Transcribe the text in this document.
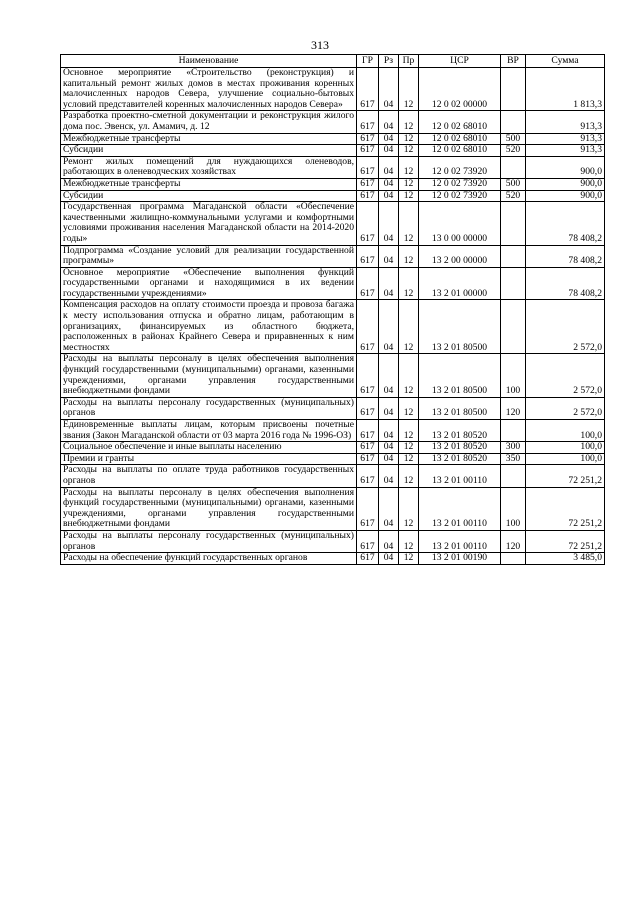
313
Наименование	ГР	Рз	Пр	ЦСР	ВР	Сумма
Основное мероприятие «Строительство (реконструкция) и капитальный ремонт жилых домов в местах проживания коренных малочисленных народов Севера, улучшение социально-бытовых условий представителей коренных малочисленных народов Севера»	617	04	12	12 0 02 00000		1 813,3
Разработка проектно-сметной документации и реконструкция жилого дома пос. Эвенск, ул. Амамич, д. 12	617	04	12	12 0 02 68010		913,3
Межбюджетные трансферты	617	04	12	12 0 02 68010	500	913,3
Субсидии	617	04	12	12 0 02 68010	520	913,3
Ремонт жилых помещений для нуждающихся оленеводов, работающих в оленеводческих хозяйствах	617	04	12	12 0 02 73920		900,0
Межбюджетные трансферты	617	04	12	12 0 02 73920	500	900,0
Субсидии	617	04	12	12 0 02 73920	520	900,0
Государственная программа Магаданской области «Обеспечение качественными жилищно-коммунальными услугами и комфортными условиями проживания населения Магаданской области на 2014-2020 годы»	617	04	12	13 0 00 00000		78 408,2
Подпрограмма «Создание условий для реализации государственной программы»	617	04	12	13 2 00 00000		78 408,2
Основное мероприятие «Обеспечение выполнения функций государственными органами и находящимися в их ведении государственными учреждениями»	617	04	12	13 2 01 00000		78 408,2
Компенсация расходов на оплату стоимости проезда и провоза багажа к месту использования отпуска и обратно лицам, работающим в организациях, финансируемых из областного бюджета, расположенных в районах Крайнего Севера и приравненных к ним местностях	617	04	12	13 2 01 80500		2 572,0
Расходы на выплаты персоналу в целях обеспечения выполнения функций государственными (муниципальными) органами, казенными учреждениями, органами управления государственными внебюджетными фондами	617	04	12	13 2 01 80500	100	2 572,0
Расходы на выплаты персоналу государственных (муниципальных) органов	617	04	12	13 2 01 80500	120	2 572,0
Единовременные выплаты лицам, которым присвоены почетные звания (Закон Магаданской области от 03 марта 2016 года № 1996-ОЗ)	617	04	12	13 2 01 80520		100,0
Социальное обеспечение и иные выплаты населению	617	04	12	13 2 01 80520	300	100,0
Премии и гранты	617	04	12	13 2 01 80520	350	100,0
Расходы на выплаты по оплате труда работников государственных органов	617	04	12	13 2 01 00110		72 251,2
Расходы на выплаты персоналу в целях обеспечения выполнения функций государственными (муниципальными) органами, казенными учреждениями, органами управления государственными внебюджетными фондами	617	04	12	13 2 01 00110	100	72 251,2
Расходы на выплаты персоналу государственных (муниципальных) органов	617	04	12	13 2 01 00110	120	72 251,2
Расходы на обеспечение функций государственных органов	617	04	12	13 2 01 00190		3 485,0
